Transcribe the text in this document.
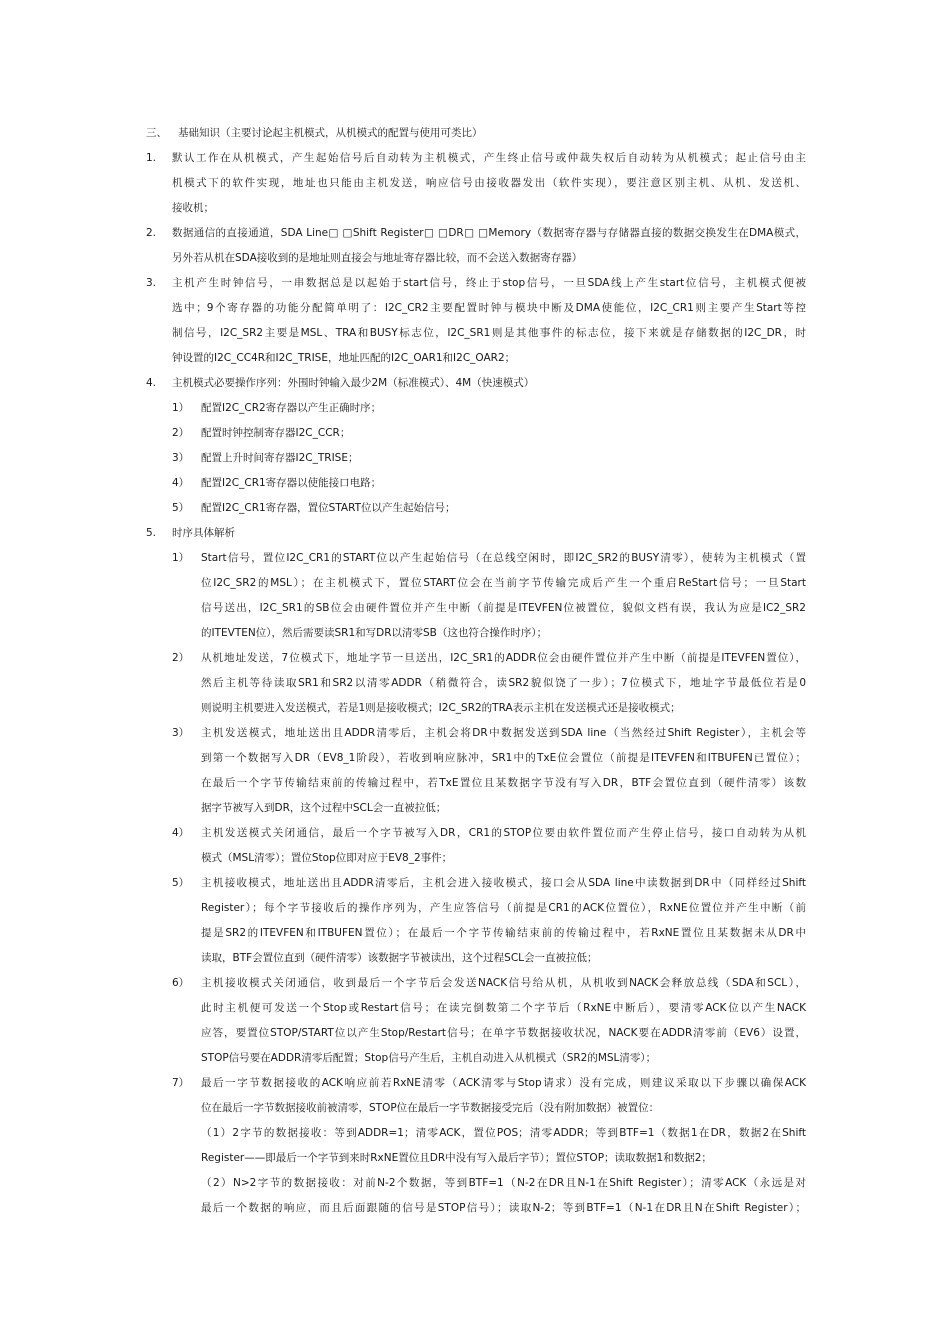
三、 基础知识（主要讨论起主机模式，从机模式的配置与使用可类比）
1. 默认工作在从机模式，产生起始信号后自动转为主机模式，产生终止信号或仲裁失权后自动转为从机模式；起止信号由主
机模式下的软件实现，地址也只能由主机发送，响应信号由接收器发出（软件实现），要注意区别主机、从机、发送机、
接收机；
2. 数据通信的直接通道，SDA Line□ □Shift Register□ □DR□ □Memory（数据寄存器与存储器直接的数据交换发生在DMA模式，
另外若从机在SDA接收到的是地址则直接会与地址寄存器比较，而不会送入数据寄存器）
3. 主机产生时钟信号，一串数据总是以起始于start信号，终止于stop信号，一旦SDA线上产生start位信号，主机模式便被
选中；9个寄存器的功能分配简单明了：I2C_CR2主要配置时钟与模块中断及DMA使能位，I2C_CR1则主要产生Start等控
制信号，I2C_SR2主要是MSL、TRA和BUSY标志位，I2C_SR1则是其他事件的标志位，接下来就是存储数据的I2C_DR，时
钟设置的I2C_CC4R和I2C_TRISE，地址匹配的I2C_OAR1和I2C_OAR2；
4. 主机模式必要操作序列：外围时钟输入最少2M（标准模式）、4M（快速模式）
1） 配置I2C_CR2寄存器以产生正确时序；
2） 配置时钟控制寄存器I2C_CCR；
3） 配置上升时间寄存器I2C_TRISE；
4） 配置I2C_CR1寄存器以使能接口电路；
5） 配置I2C_CR1寄存器，置位START位以产生起始信号；
5. 时序具体解析
1） Start信号，置位I2C_CR1的START位以产生起始信号（在总线空闲时，即I2C_SR2的BUSY清零），使转为主机模式（置
位I2C_SR2的MSL）；在主机模式下，置位START位会在当前字节传输完成后产生一个重启ReStart信号；一旦Start
信号送出，I2C_SR1的SB位会由硬件置位并产生中断（前提是ITEVFEN位被置位，貌似文档有误，我认为应是IC2_SR2
的ITEVTEN位），然后需要读SR1和写DR以清零SB（这也符合操作时序）；
2） 从机地址发送，7位模式下，地址字节一旦送出，I2C_SR1的ADDR位会由硬件置位并产生中断（前提是ITEVFEN置位），
然后主机等待读取SR1和SR2以清零ADDR（稍微符合，读SR2貌似饶了一步）；7位模式下，地址字节最低位若是0
则说明主机要进入发送模式，若是1则是接收模式；I2C_SR2的TRA表示主机在发送模式还是接收模式；
3） 主机发送模式，地址送出且ADDR清零后，主机会将DR中数据发送到SDA line（当然经过Shift Register），主机会等
到第一个数据写入DR（EV8_1阶段），若收到响应脉冲，SR1中的TxE位会置位（前提是ITEVFEN和ITBUFEN已置位）；
在最后一个字节传输结束前的传输过程中，若TxE置位且某数据字节没有写入DR，BTF会置位直到（硬件清零）该数
据字节被写入到DR，这个过程中SCL会一直被拉低；
4） 主机发送模式关闭通信，最后一个字节被写入DR，CR1的STOP位要由软件置位而产生停止信号，接口自动转为从机
模式（MSL清零）；置位Stop位即对应于EV8_2事件；
5） 主机接收模式，地址送出且ADDR清零后，主机会进入接收模式，接口会从SDA line中读数据到DR中（同样经过Shift
Register）；每个字节接收后的操作序列为，产生应答信号（前提是CR1的ACK位置位），RxNE位置位并产生中断（前
提是SR2的ITEVFEN和ITBUFEN置位）；在最后一个字节传输结束前的传输过程中，若RxNE置位且某数据未从DR中
读取，BTF会置位直到（硬件清零）该数据字节被读出，这个过程SCL会一直被拉低；
6） 主机接收模式关闭通信，收到最后一个字节后会发送NACK信号给从机，从机收到NACK会释放总线（SDA和SCL），
此时主机便可发送一个Stop或Restart信号；在读完倒数第二个字节后（RxNE中断后），要清零ACK位以产生NACK
应答，要置位STOP/START位以产生Stop/Restart信号；在单字节数据接收状况，NACK要在ADDR清零前（EV6）设置，
STOP信号要在ADDR清零后配置；Stop信号产生后，主机自动进入从机模式（SR2的MSL清零）；
7） 最后一字节数据接收的ACK响应前若RxNE清零（ACK清零与Stop请求）没有完成，则建议采取以下步骤以确保ACK
位在最后一字节数据接收前被清零，STOP位在最后一字节数据接受完后（没有附加数据）被置位：
（1）2字节的数据接收：等到ADDR=1；清零ACK，置位POS；清零ADDR；等到BTF=1（数据1在DR，数据2在Shift
Register——即最后一个字节到来时RxNE置位且DR中没有写入最后字节）；置位STOP；读取数据1和数据2；
（2）N>2字节的数据接收：对前N-2个数据，等到BTF=1（N-2在DR且N-1在Shift Register）；清零ACK（永远是对
最后一个数据的响应，而且后面跟随的信号是STOP信号）；读取N-2；等到BTF=1（N-1在DR且N在Shift Register）；
